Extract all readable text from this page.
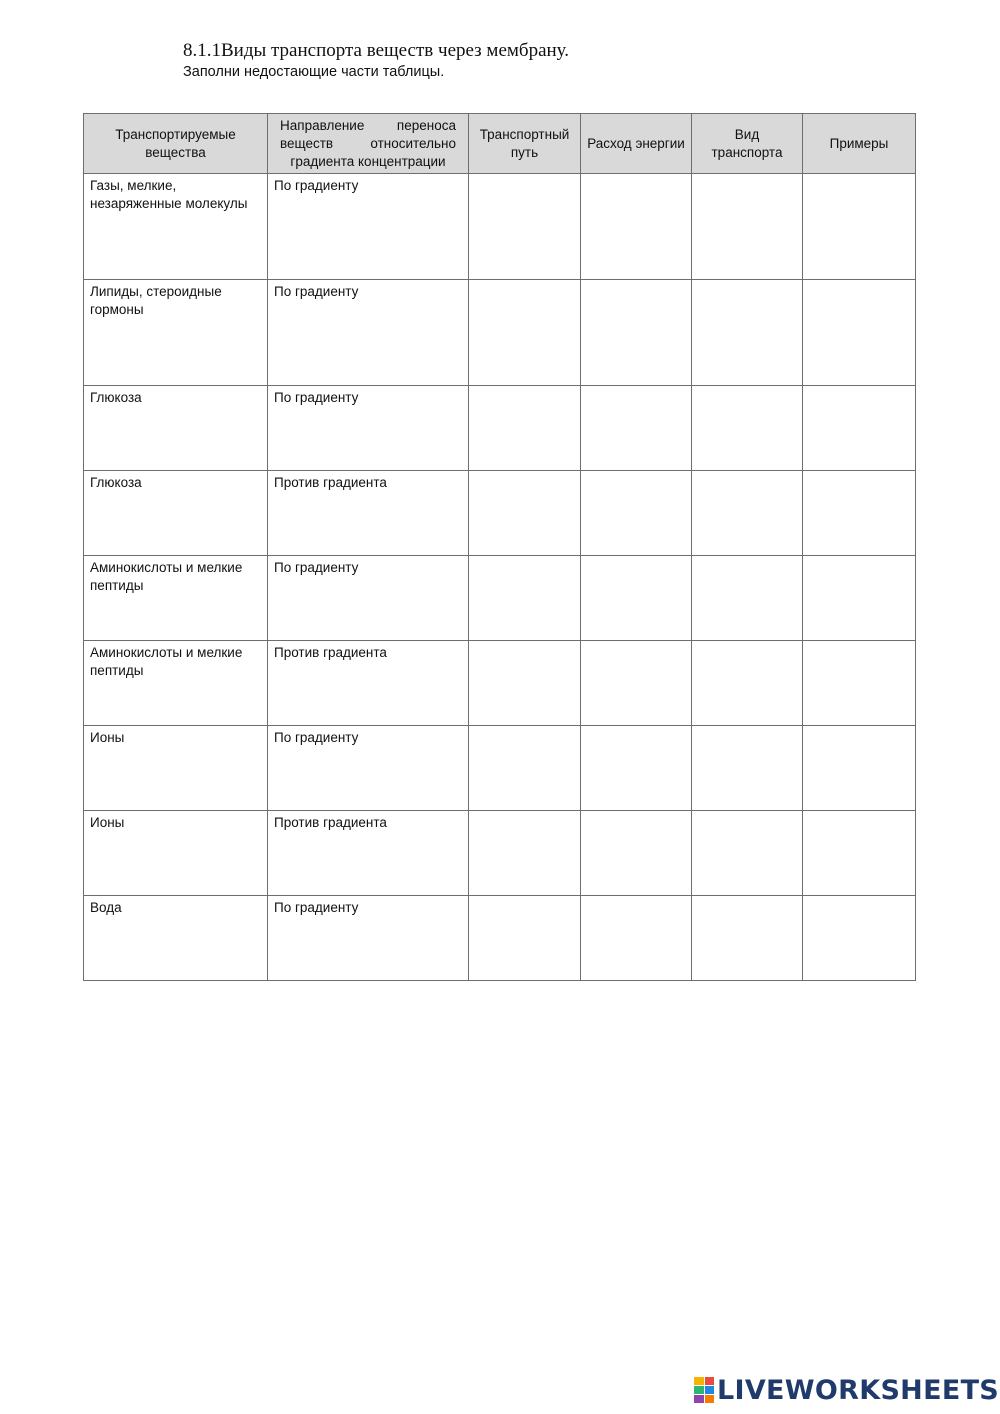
8.1.1Виды транспорта веществ через мембрану.
Заполни недостающие части таблицы.
Транспортируемые вещества	Направление переноса веществ относительно градиента концентрации	Транспортный путь	Расход энергии	Вид транспорта	Примеры
Газы, мелкие, незаряженные молекулы	По градиенту				
Липиды, стероидные гормоны	По градиенту				
Глюкоза	По градиенту				
Глюкоза	Против градиента				
Аминокислоты и мелкие пептиды	По градиенту				
Аминокислоты и мелкие пептиды	Против градиента				
Ионы	По градиенту				
Ионы	Против градиента				
Вода	По градиенту				
LIVEWORKSHEETS
